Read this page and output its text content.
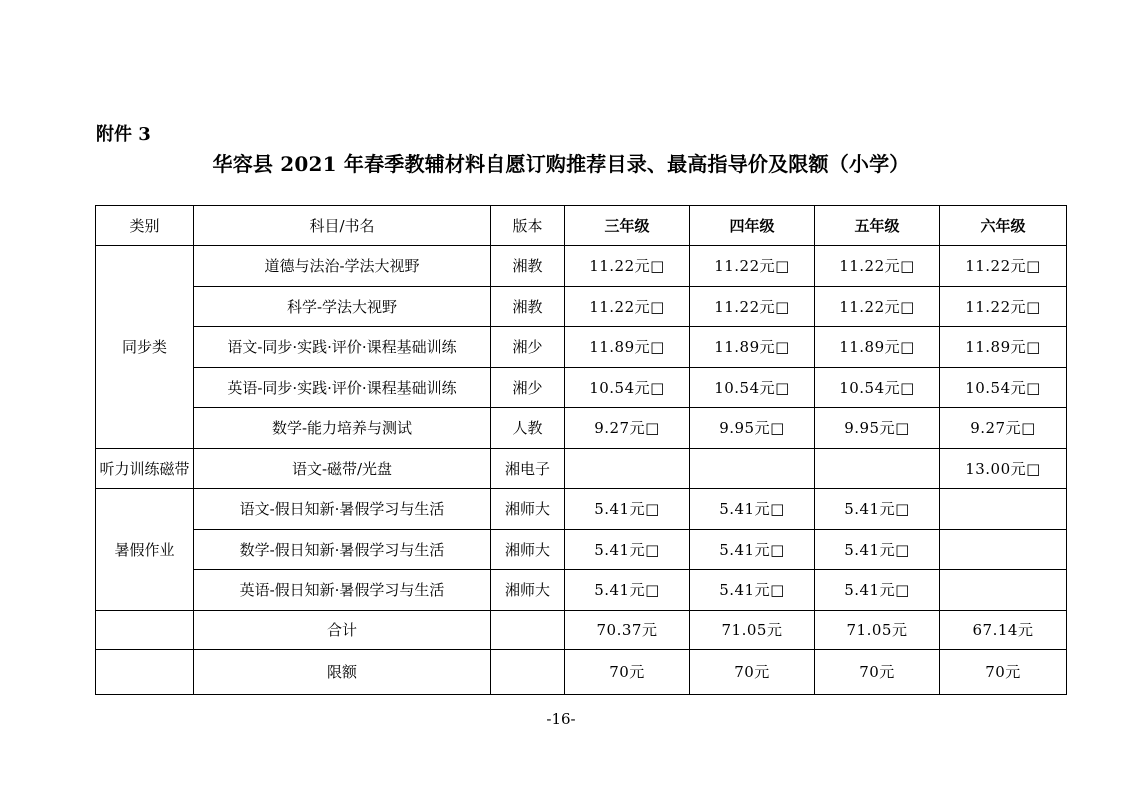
附件 3
华容县 2021 年春季教辅材料自愿订购推荐目录、最高指导价及限额（小学）
类别	科目/书名	版本	三年级	四年级	五年级	六年级
同步类	道德与法治-学法大视野	湘教	11.22元□	11.22元□	11.22元□	11.22元□
	科学-学法大视野	湘教	11.22元□	11.22元□	11.22元□	11.22元□
	语文-同步·实践·评价·课程基础训练	湘少	11.89元□	11.89元□	11.89元□	11.89元□
	英语-同步·实践·评价·课程基础训练	湘少	10.54元□	10.54元□	10.54元□	10.54元□
	数学-能力培养与测试	人教	9.27元□	9.95元□	9.95元□	9.27元□
听力训练磁带	语文-磁带/光盘	湘电子				13.00元□
暑假作业	语文-假日知新·暑假学习与生活	湘师大	5.41元□	5.41元□	5.41元□	
	数学-假日知新·暑假学习与生活	湘师大	5.41元□	5.41元□	5.41元□	
	英语-假日知新·暑假学习与生活	湘师大	5.41元□	5.41元□	5.41元□	
	合计		70.37元	71.05元	71.05元	67.14元
	限额		70元	70元	70元	70元
-16-
